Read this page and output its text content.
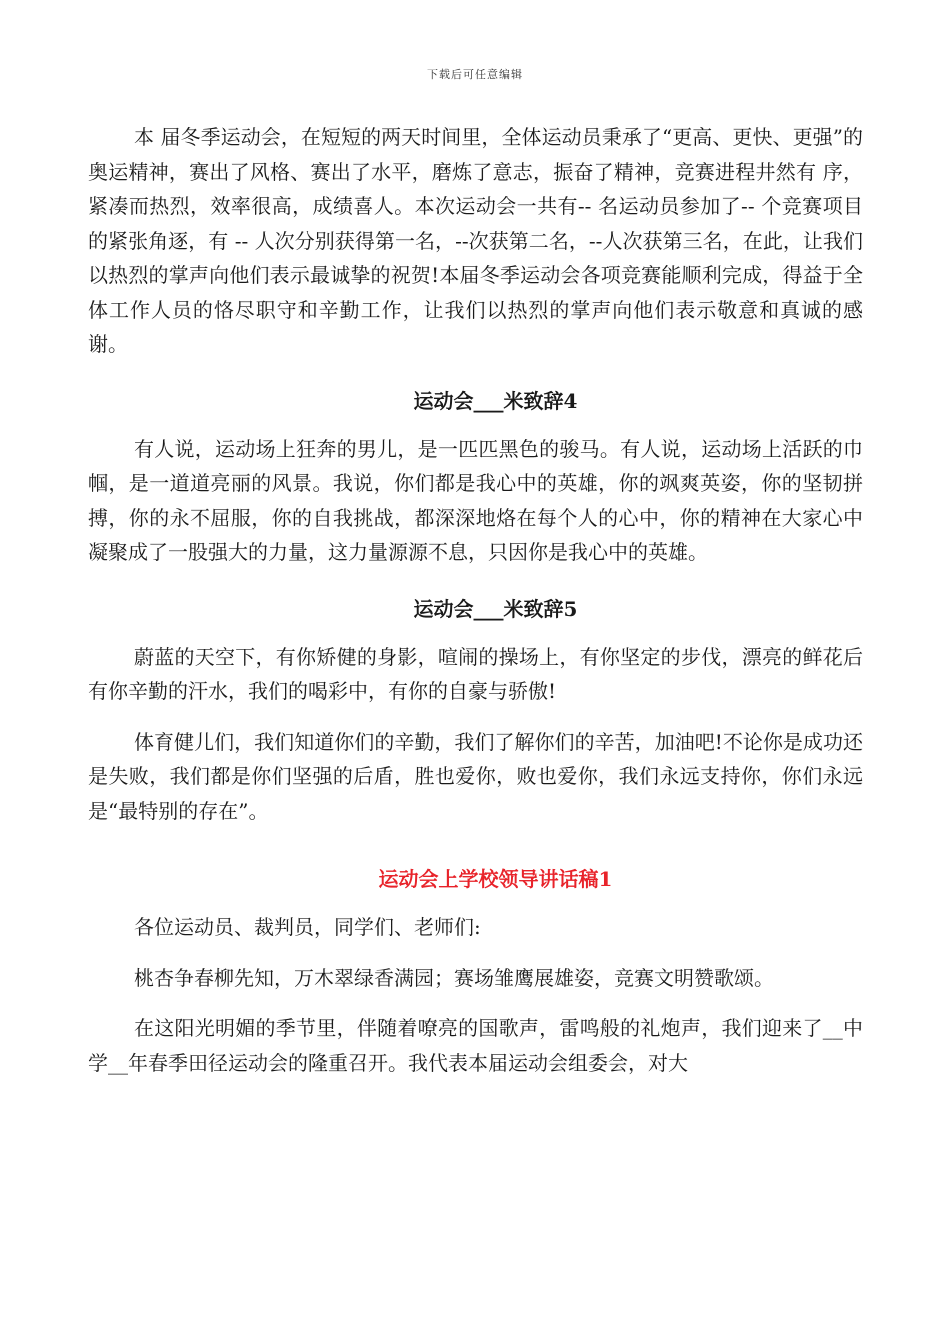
下载后可任意编辑

本 届冬季运动会，在短短的两天时间里，全体运动员秉承了“更高、更快、更强”的奥运精神，赛出了风格、赛出了水平，磨炼了意志，振奋了精神，竞赛进程井然有 序，紧凑而热烈，效率很高，成绩喜人。本次运动会一共有-- 名运动员参加了-- 个竞赛项目的紧张角逐，有 -- 人次分别获得第一名，--次获第二名，--人次获第三名，在此，让我们以热烈的掌声向他们表示最诚挚的祝贺!本届冬季运动会各项竞赛能顺利完成，得益于全 体工作人员的恪尽职守和辛勤工作，让我们以热烈的掌声向他们表示敬意和真诚的感谢。

运动会___米致辞4

有人说，运动场上狂奔的男儿，是一匹匹黑色的骏马。有人说，运动场上活跃的巾帼，是一道道亮丽的风景。我说，你们都是我心中的英雄，你的飒爽英姿，你的坚韧拼搏，你的永不屈服，你的自我挑战，都深深地烙在每个人的心中，你的精神在大家心中凝聚成了一股强大的力量，这力量源源不息，只因你是我心中的英雄。

运动会___米致辞5

蔚蓝的天空下，有你矫健的身影，喧闹的操场上，有你坚定的步伐，漂亮的鲜花后有你辛勤的汗水，我们的喝彩中，有你的自豪与骄傲!

体育健儿们，我们知道你们的辛勤，我们了解你们的辛苦，加油吧!不论你是成功还是失败，我们都是你们坚强的后盾，胜也爱你，败也爱你，我们永远支持你，你们永远是“最特别的存在”。

运动会上学校领导讲话稿1

各位运动员、裁判员，同学们、老师们:

桃杏争春柳先知，万木翠绿香满园；赛场雏鹰展雄姿，竞赛文明赞歌颂。

在这阳光明媚的季节里，伴随着嘹亮的国歌声，雷鸣般的礼炮声，我们迎来了__中学__年春季田径运动会的隆重召开。我代表本届运动会组委会，对大
